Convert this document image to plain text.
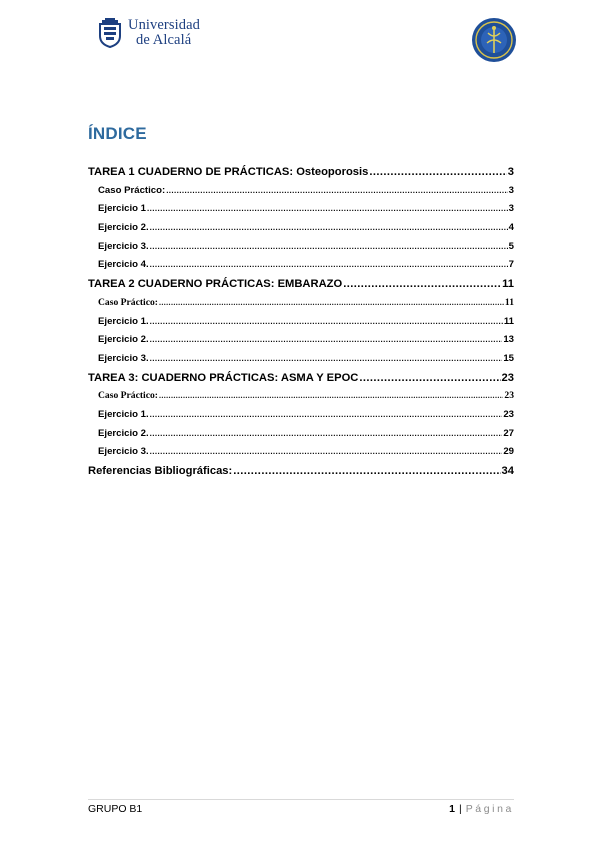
Universidad
de Alcalá
ÍNDICE
TAREA 1 CUADERNO DE PRÁCTICAS: Osteoporosis .....	3
Caso Práctico: .....	3
Ejercicio 1 .....	3
Ejercicio 2. .....	4
Ejercicio 3. .....	5
Ejercicio 4. .....	7
TAREA 2 CUADERNO PRÁCTICAS: EMBARAZO .....	11
Caso Práctico: .....	11
Ejercicio 1. .....	11
Ejercicio 2. .....	13
Ejercicio 3. .....	15
TAREA 3: CUADERNO PRÁCTICAS: ASMA Y EPOC .....	23
Caso Práctico: .....	23
Ejercicio 1. .....	23
Ejercicio 2. .....	27
Ejercicio 3. .....	29
Referencias Bibliográficas: .....	34
GRUPO B1	1 | Página
